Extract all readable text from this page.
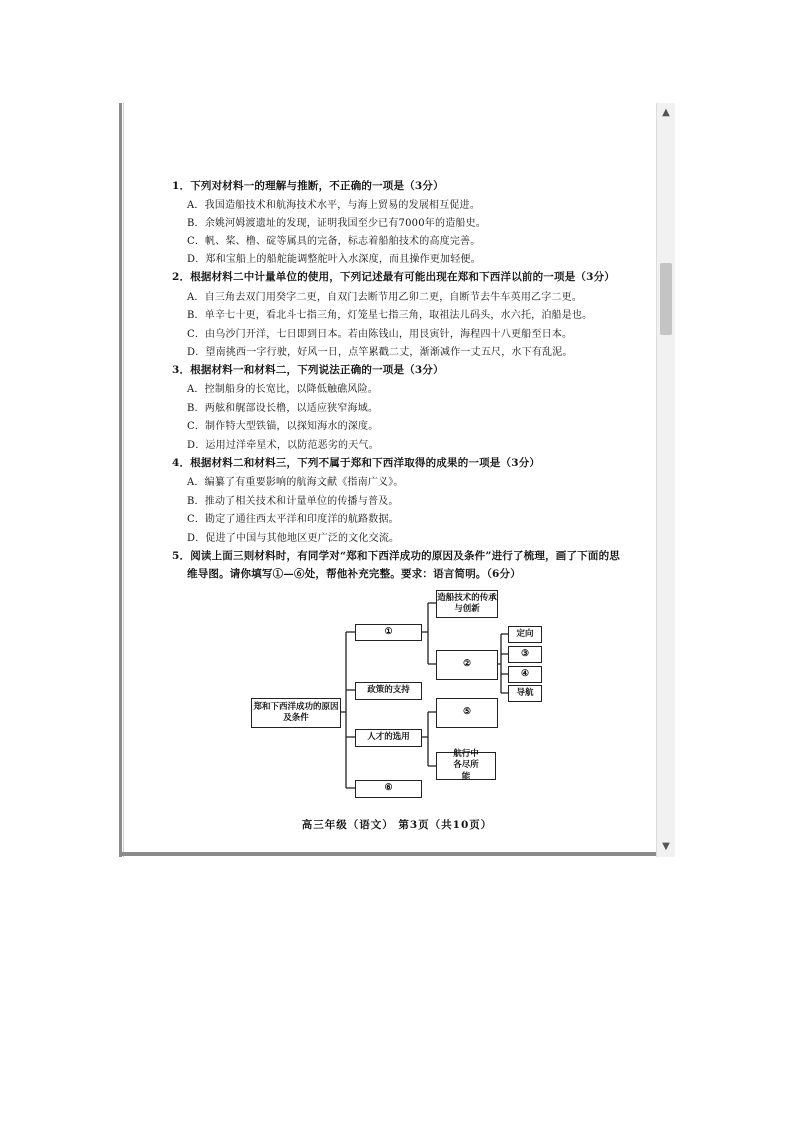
▲
▼
1．下列对材料一的理解与推断，不正确的一项是（3分）
A．我国造船技术和航海技术水平，与海上贸易的发展相互促进。
B．余姚河姆渡遗址的发现，证明我国至少已有7000年的造船史。
C．帆、桨、橹、碇等属具的完备，标志着船舶技术的高度完善。
D．郑和宝船上的船舵能调整舵叶入水深度，而且操作更加轻便。
2．根据材料二中计量单位的使用，下列记述最有可能出现在郑和下西洋以前的一项是（3分）
A．自三角去双门用癸字二更，自双门去断节用乙卯二更，自断节去牛车英用乙字二更。
B．单辛七十更，看北斗七指三角，灯笼星七指三角，取祖法儿码头，水六托，泊船是也。
C．由乌沙门开洋，七日即到日本。若由陈钱山，用艮寅针，海程四十八更船至日本。
D．望南挑西一字行驶，好风一日，点竿累戳二丈，渐渐减作一丈五尺，水下有乱泥。
3．根据材料一和材料二，下列说法正确的一项是（3分）
A．控制船身的长宽比，以降低触礁风险。
B．两舷和艉部设长橹，以适应狭窄海域。
C．制作特大型铁锚，以探知海水的深度。
D．运用过洋牵星术，以防范恶劣的天气。
4．根据材料二和材料三，下列不属于郑和下西洋取得的成果的一项是（3分）
A．编纂了有重要影响的航海文献《指南广义》。
B．推动了相关技术和计量单位的传播与普及。
C．勘定了通往西太平洋和印度洋的航路数据。
D．促进了中国与其他地区更广泛的文化交流。
5．阅读上面三则材料时，有同学对“郑和下西洋成功的原因及条件”进行了梳理，画了下面的思
维导图。请你填写①—⑥处，帮他补充完整。要求：语言简明。（6分）
郑和下西洋成功的原因及条件
①
造船技术的传承与创新
②
定向
③
④
导航
政策的支持
人才的选用
⑤
航行中各尽所能
⑥
高三年级（语文） 第3页（共10页）
